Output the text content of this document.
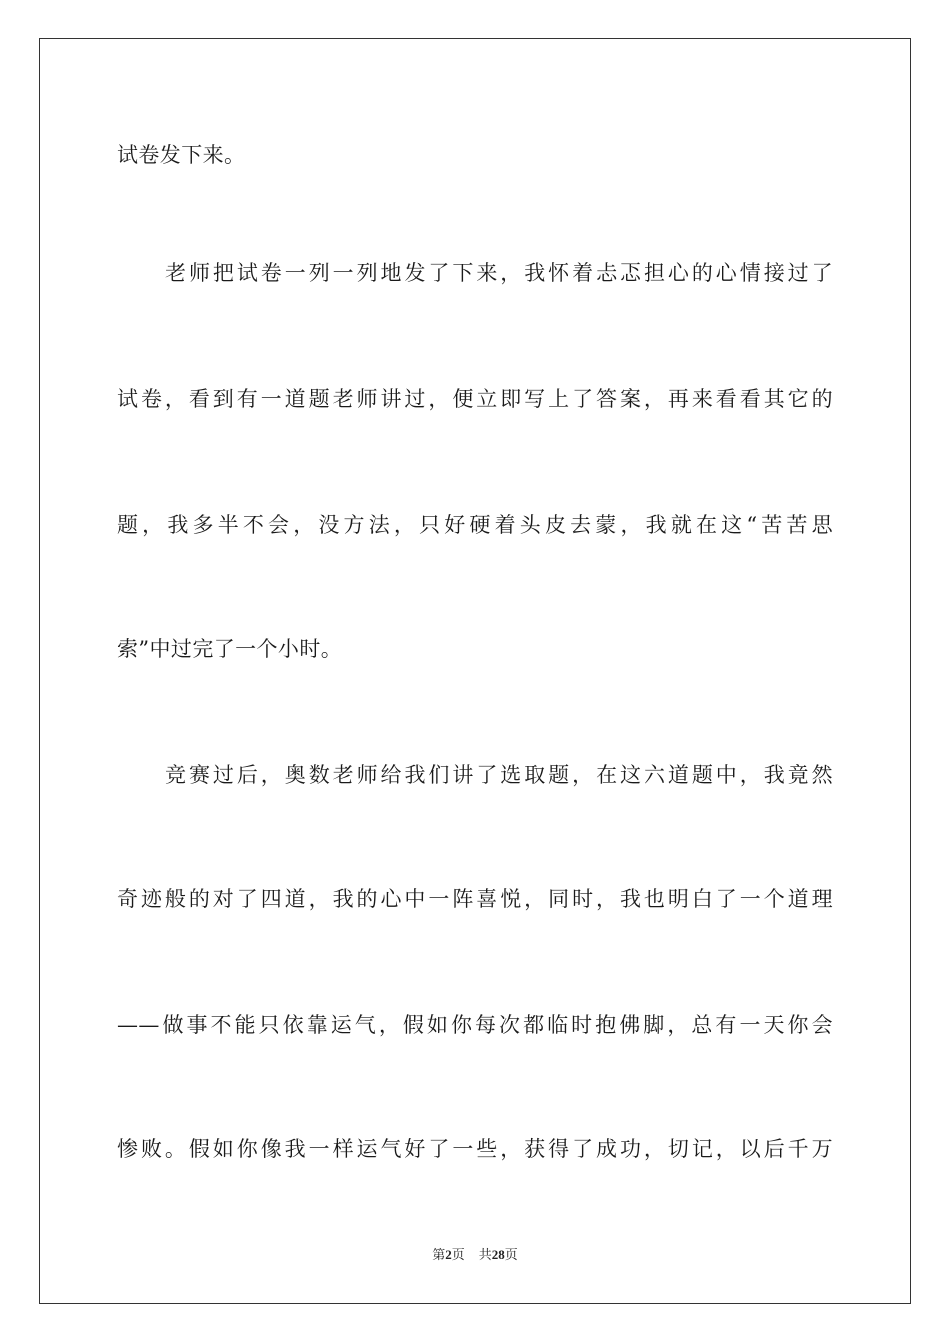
试卷发下来。
老师把试卷一列一列地发了下来，我怀着忐忑担心的心情接过了
试卷，看到有一道题老师讲过，便立即写上了答案，再来看看其它的
题，我多半不会，没方法，只好硬着头皮去蒙，我就在这“苦苦思
索”中过完了一个小时。
竞赛过后，奥数老师给我们讲了选取题，在这六道题中，我竟然
奇迹般的对了四道，我的心中一阵喜悦，同时，我也明白了一个道理
——做事不能只依靠运气，假如你每次都临时抱佛脚，总有一天你会
惨败。假如你像我一样运气好了一些，获得了成功，切记，以后千万
第2页 共28页
